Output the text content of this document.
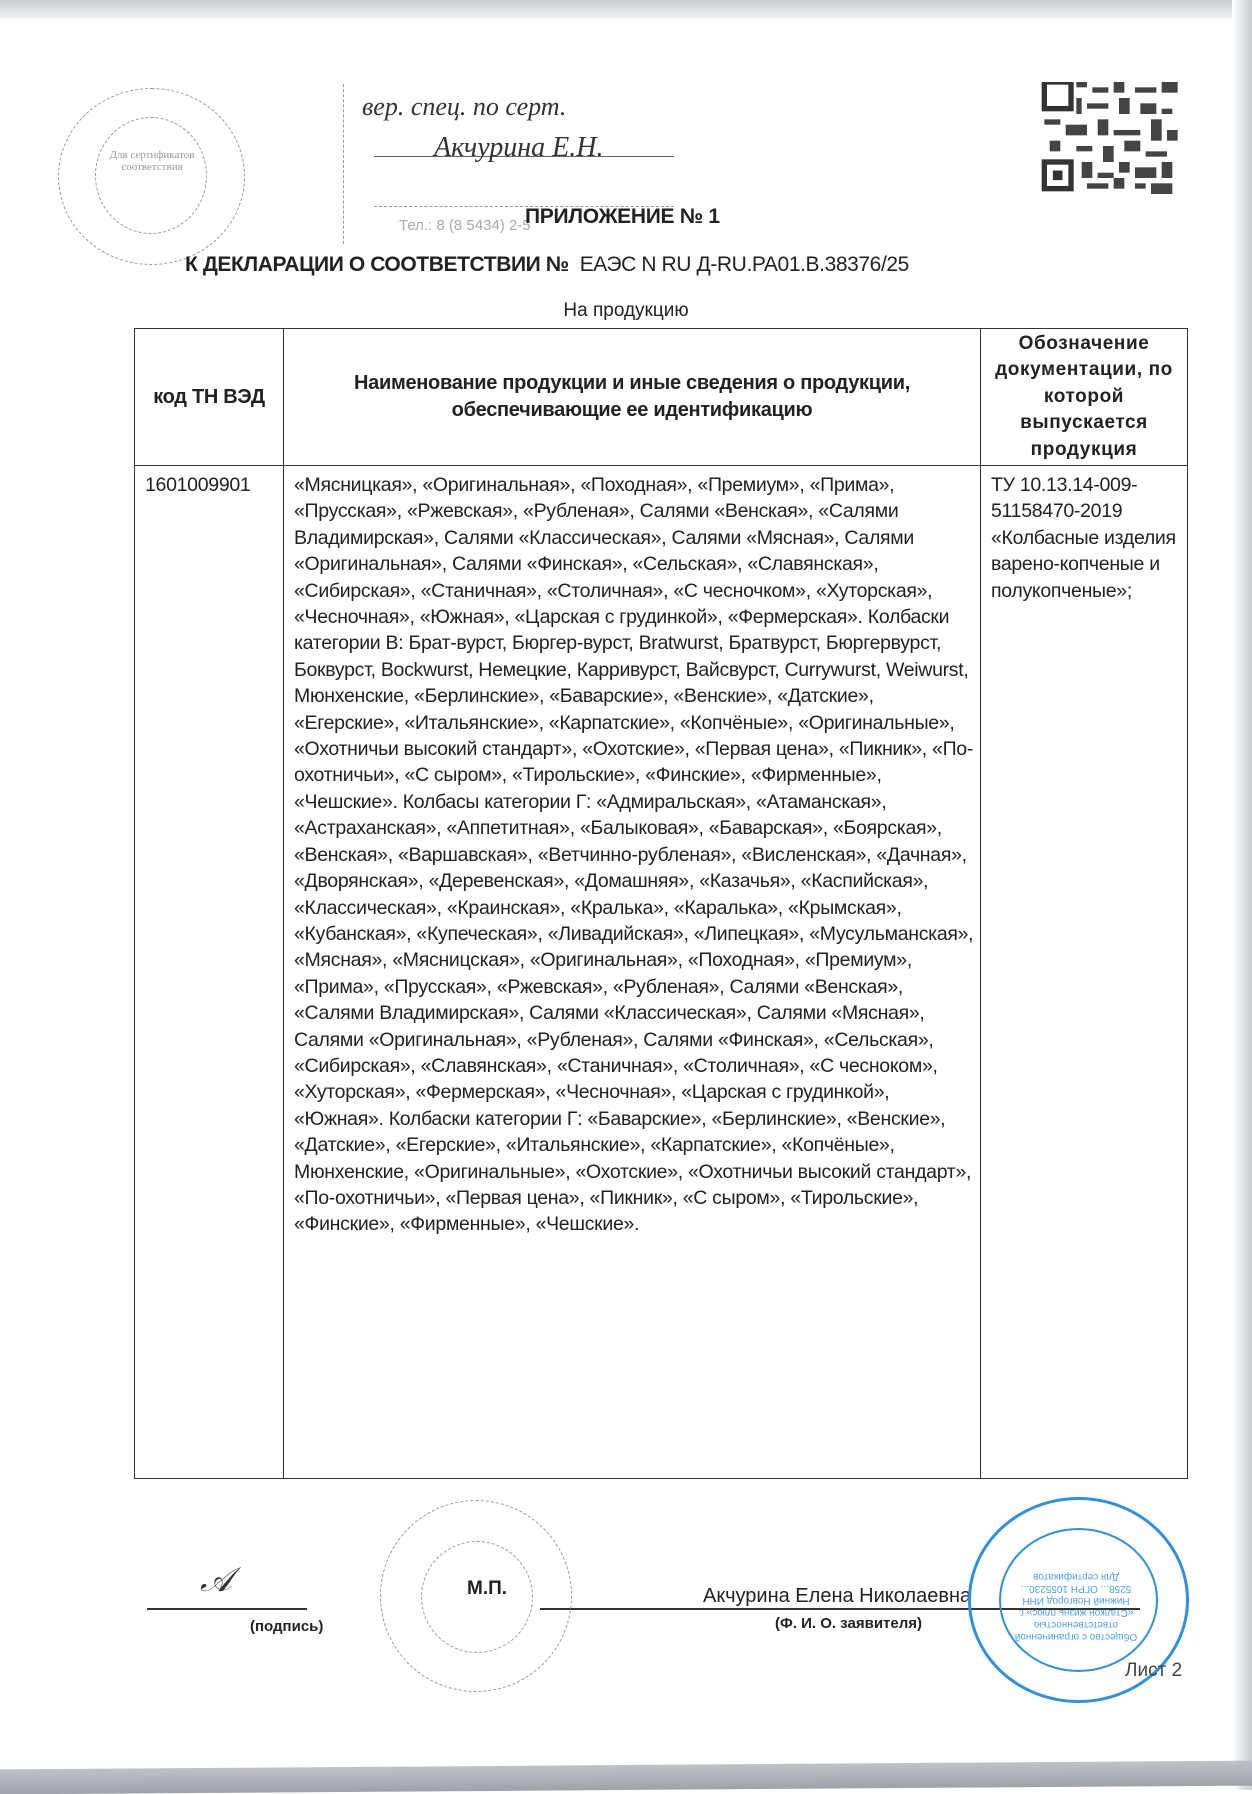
Для сертификатов соответствия
вер. спец. по серт.
Акчурина Е.Н.
Тел.: 8 (8 5434) 2-5
ПРИЛОЖЕНИЕ № 1
К ДЕКЛАРАЦИИ О СООТВЕТСТВИИ № ЕАЭС N RU Д-RU.PA01.B.38376/25
На продукцию
код ТН ВЭД	Наименование продукции и иные сведения о продукции, обеспечивающие ее идентификацию	Обозначение документации, по которой выпускается продукция
1601009901	«Мясницкая», «Оригинальная», «Походная», «Премиум», «Прима», «Прусская», «Ржевская», «Рубленая», Салями «Венская», «Салями Владимирская», Салями «Классическая», Салями «Мясная», Салями «Оригинальная», Салями «Финская», «Сельская», «Славянская», «Сибирская», «Станичная», «Столичная», «С чесночком», «Хуторская», «Чесночная», «Южная», «Царская с грудинкой», «Фермерская». Колбаски категории В: Брат-вурст, Бюргер-вурст, Bratwurst, Братвурст, Бюргервурст, Боквурст, Bockwurst, Немецкие, Карривурст, Вайсвурст, Currywurst, Weiwurst, Мюнхенские, «Берлинские», «Баварские», «Венские», «Датские», «Егерские», «Итальянские», «Карпатские», «Копчёные», «Оригинальные», «Охотничьи высокий стандарт», «Охотские», «Первая цена», «Пикник», «По-охотничьи», «С сыром», «Тирольские», «Финские», «Фирменные», «Чешские». Колбасы категории Г: «Адмиральская», «Атаманская», «Астраханская», «Аппетитная», «Балыковая», «Баварская», «Боярская», «Венская», «Варшавская», «Ветчинно-рубленая», «Висленская», «Дачная», «Дворянская», «Деревенская», «Домашняя», «Казачья», «Каспийская», «Классическая», «Краинская», «Кралька», «Каралька», «Крымская», «Кубанская», «Купеческая», «Ливадийская», «Липецкая», «Мусульманская», «Мясная», «Мясницская», «Оригинальная», «Походная», «Премиум», «Прима», «Прусская», «Ржевская», «Рубленая», Салями «Венская», «Салями Владимирская», Салями «Классическая», Салями «Мясная», Салями «Оригинальная», «Рубленая», Салями «Финская», «Сельская», «Сибирская», «Славянская», «Станичная», «Столичная», «С чесноком», «Хуторская», «Фермерская», «Чесночная», «Царская с грудинкой», «Южная». Колбаски категории Г: «Баварские», «Берлинские», «Венские», «Датские», «Егерские», «Итальянские», «Карпатские», «Копчёные», Мюнхенские, «Оригинальные», «Охотские», «Охотничьи высокий стандарт», «По-охотничьи», «Первая цена», «Пикник», «С сыром», «Тирольские», «Финские», «Фирменные», «Чешские».	ТУ 10.13.14-009-51158470-2019 «Колбасные изделия варено-копченые и полукопченые»;
𝒜
(подпись)
М.П.	Акчурина Елена Николаевна
(Ф. И. О. заявителя)
Общество с ограниченной ответственностью «Сталкон жизнь плюс» г. Нижний Новгород ИНН 5258... ОГРН 1055230... Для сертификатов
Лист 2
